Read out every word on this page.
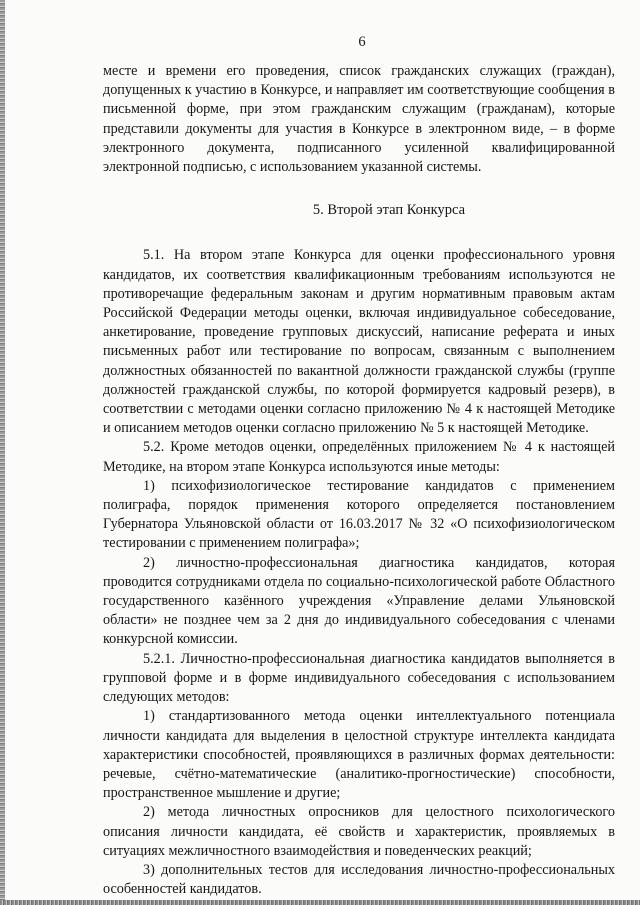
6

месте и времени его проведения, список гражданских служащих (граждан), допущенных к участию в Конкурсе, и направляет им соответствующие сообщения в письменной форме, при этом гражданским служащим (гражданам), которые представили документы для участия в Конкурсе в электронном виде, – в форме электронного документа, подписанного усиленной квалифицированной электронной подписью, с использованием указанной системы.

5. Второй этап Конкурса

5.1. На втором этапе Конкурса для оценки профессионального уровня кандидатов, их соответствия квалификационным требованиям используются не противоречащие федеральным законам и другим нормативным правовым актам Российской Федерации методы оценки, включая индивидуальное собеседование, анкетирование, проведение групповых дискуссий, написание реферата и иных письменных работ или тестирование по вопросам, связанным с выполнением должностных обязанностей по вакантной должности гражданской службы (группе должностей гражданской службы, по которой формируется кадровый резерв), в соответствии с методами оценки согласно приложению № 4 к настоящей Методике и описанием методов оценки согласно приложению № 5 к настоящей Методике.

5.2. Кроме методов оценки, определённых приложением № 4 к настоящей Методике, на втором этапе Конкурса используются иные методы:

1) психофизиологическое тестирование кандидатов с применением полиграфа, порядок применения которого определяется постановлением Губернатора Ульяновской области от 16.03.2017 № 32 «О психофизиологическом тестировании с применением полиграфа»;

2) личностно-профессиональная диагностика кандидатов, которая проводится сотрудниками отдела по социально-психологической работе Областного государственного казённого учреждения «Управление делами Ульяновской области» не позднее чем за 2 дня до индивидуального собеседования с членами конкурсной комиссии.

5.2.1. Личностно-профессиональная диагностика кандидатов выполняется в групповой форме и в форме индивидуального собеседования с использованием следующих методов:

1) стандартизованного метода оценки интеллектуального потенциала личности кандидата для выделения в целостной структуре интеллекта кандидата характеристики способностей, проявляющихся в различных формах деятельности: речевые, счётно-математические (аналитико-прогностические) способности, пространственное мышление и другие;

2) метода личностных опросников для целостного психологического описания личности кандидата, её свойств и характеристик, проявляемых в ситуациях межличностного взаимодействия и поведенческих реакций;

3) дополнительных тестов для исследования личностно-профессиональных особенностей кандидатов.
